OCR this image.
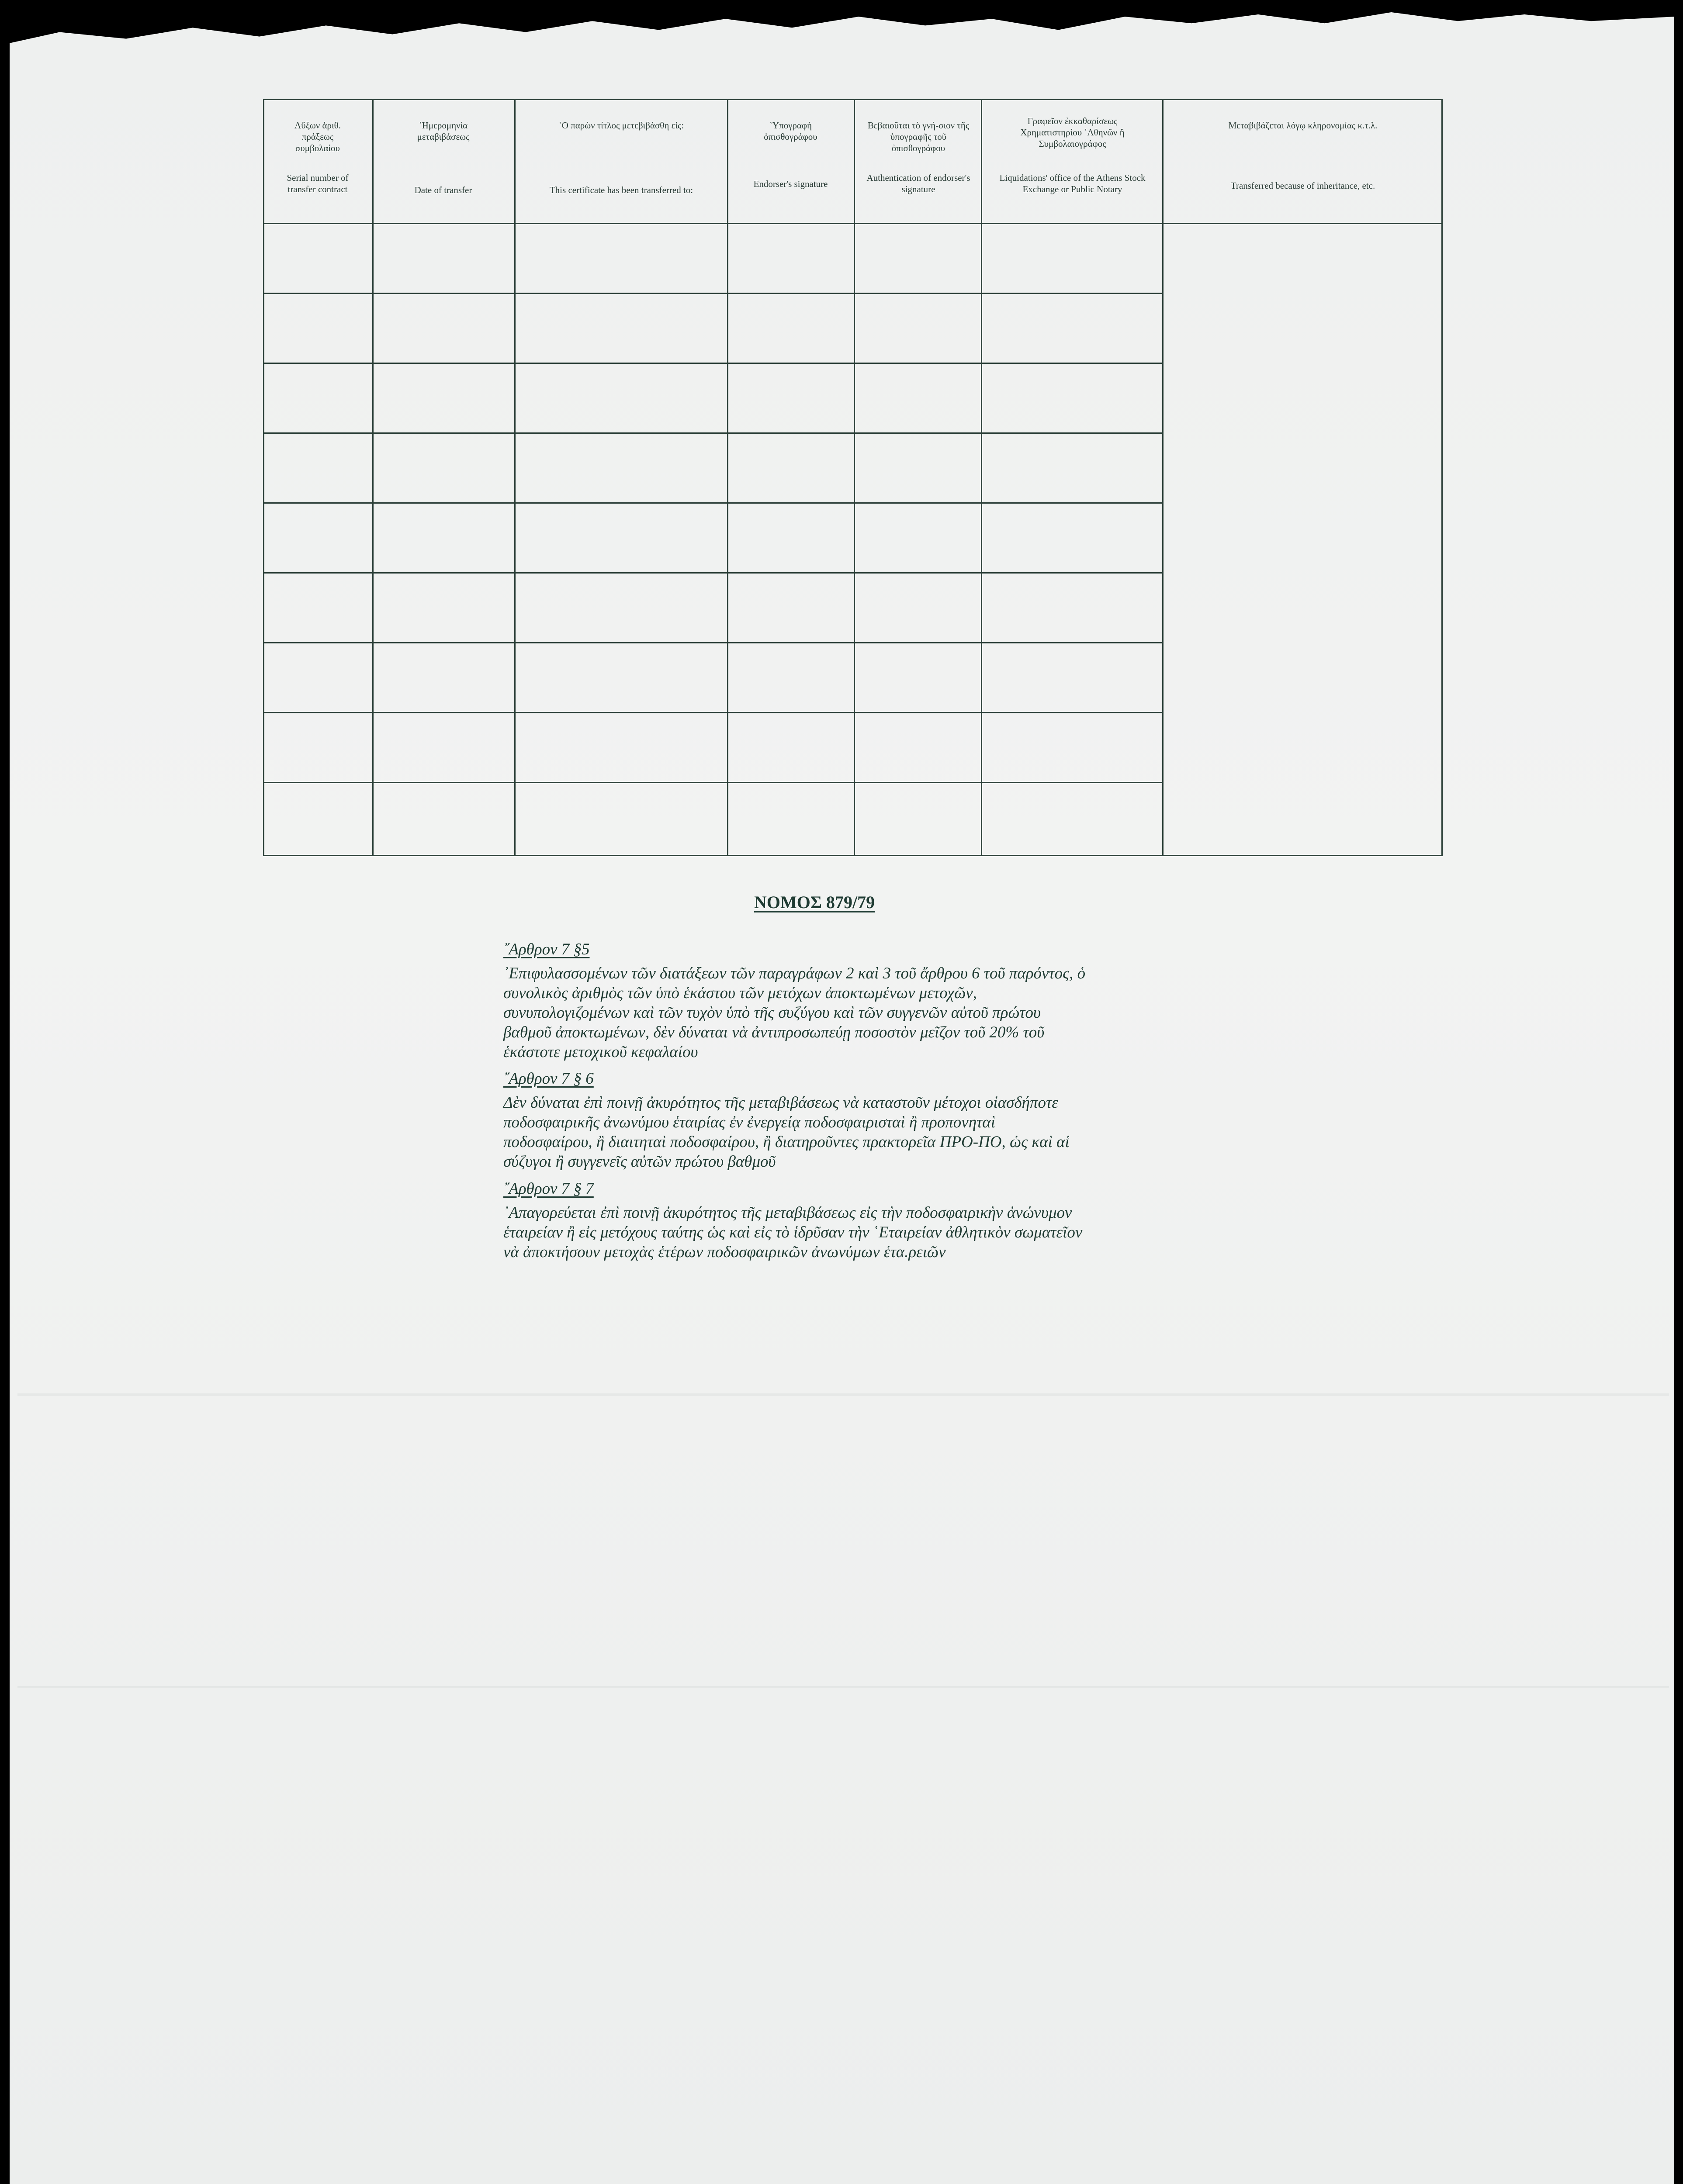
Αὔξων ἀριθ. πράξεως συμβολαίου
Serial number of transfer contract
῾Ημερομηνία μεταβιβάσεως
Date of transfer
῾Ο παρὼν τίτλος μετεβιβάσθη εἰς:
This certificate has been transferred to:
῾Υπογραφὴ ὀπισθογράφου
Endorser's signature
Βεβαιοῦται τὸ γνή-σιον τῆς ὑπογραφῆς τοῦ ὀπισθογράφου
Authentication of endorser's signature
Γραφεῖον ἐκκαθαρίσεως Χρηματιστηρίου ᾿Αθηνῶν ἢ Συμβολαιογράφος
Liquidations' office of the Athens Stock Exchange or Public Notary
Μεταβιβάζεται λόγῳ κληρονομίας κ.τ.λ.
Transferred because of inheritance, etc.
ΝΟΜΟΣ 879/79
῎Αρθρον 7 §5
᾿Επιφυλασσομένων τῶν διατάξεων τῶν παραγράφων 2 καὶ 3 τοῦ ἄρθρου 6 τοῦ παρόντος, ὁ
συνολικὸς ἀριθμὸς τῶν ὑπὸ ἑκάστου τῶν μετόχων ἀποκτωμένων μετοχῶν,
συνυπολογιζομένων καὶ τῶν τυχὸν ὑπὸ τῆς συζύγου καὶ τῶν συγγενῶν αὐτοῦ πρώτου
βαθμοῦ ἀποκτωμένων, δὲν δύναται νὰ ἀντιπροσωπεύῃ ποσοστὸν μεῖζον τοῦ 20% τοῦ
ἑκάστοτε μετοχικοῦ κεφαλαίου
῎Αρθρον 7 § 6
Δὲν δύναται ἐπὶ ποινῇ ἀκυρότητος τῆς μεταβιβάσεως νὰ καταστοῦν μέτοχοι οἱασδήποτε
ποδοσφαιρικῆς ἀνωνύμου ἑταιρίας ἐν ἐνεργείᾳ ποδοσφαιρισταὶ ἢ προπονηταὶ
ποδοσφαίρου, ἢ διαιτηταὶ ποδοσφαίρου, ἢ διατηροῦντες πρακτορεῖα ΠΡΟ-ΠΟ, ὡς καὶ αἱ
σύζυγοι ἢ συγγενεῖς αὐτῶν πρώτου βαθμοῦ
῎Αρθρον 7 § 7
᾿Απαγορεύεται ἐπὶ ποινῇ ἀκυρότητος τῆς μεταβιβάσεως εἰς τὴν ποδοσφαιρικὴν ἀνώνυμον
ἑταιρείαν ἢ εἰς μετόχους ταύτης ὡς καὶ εἰς τὸ ἱδρῦσαν τὴν ῾Εταιρείαν ἀθλητικὸν σωματεῖον
νὰ ἀποκτήσουν μετοχὰς ἑτέρων ποδοσφαιρικῶν ἀνωνύμων ἑτα.ρειῶν
